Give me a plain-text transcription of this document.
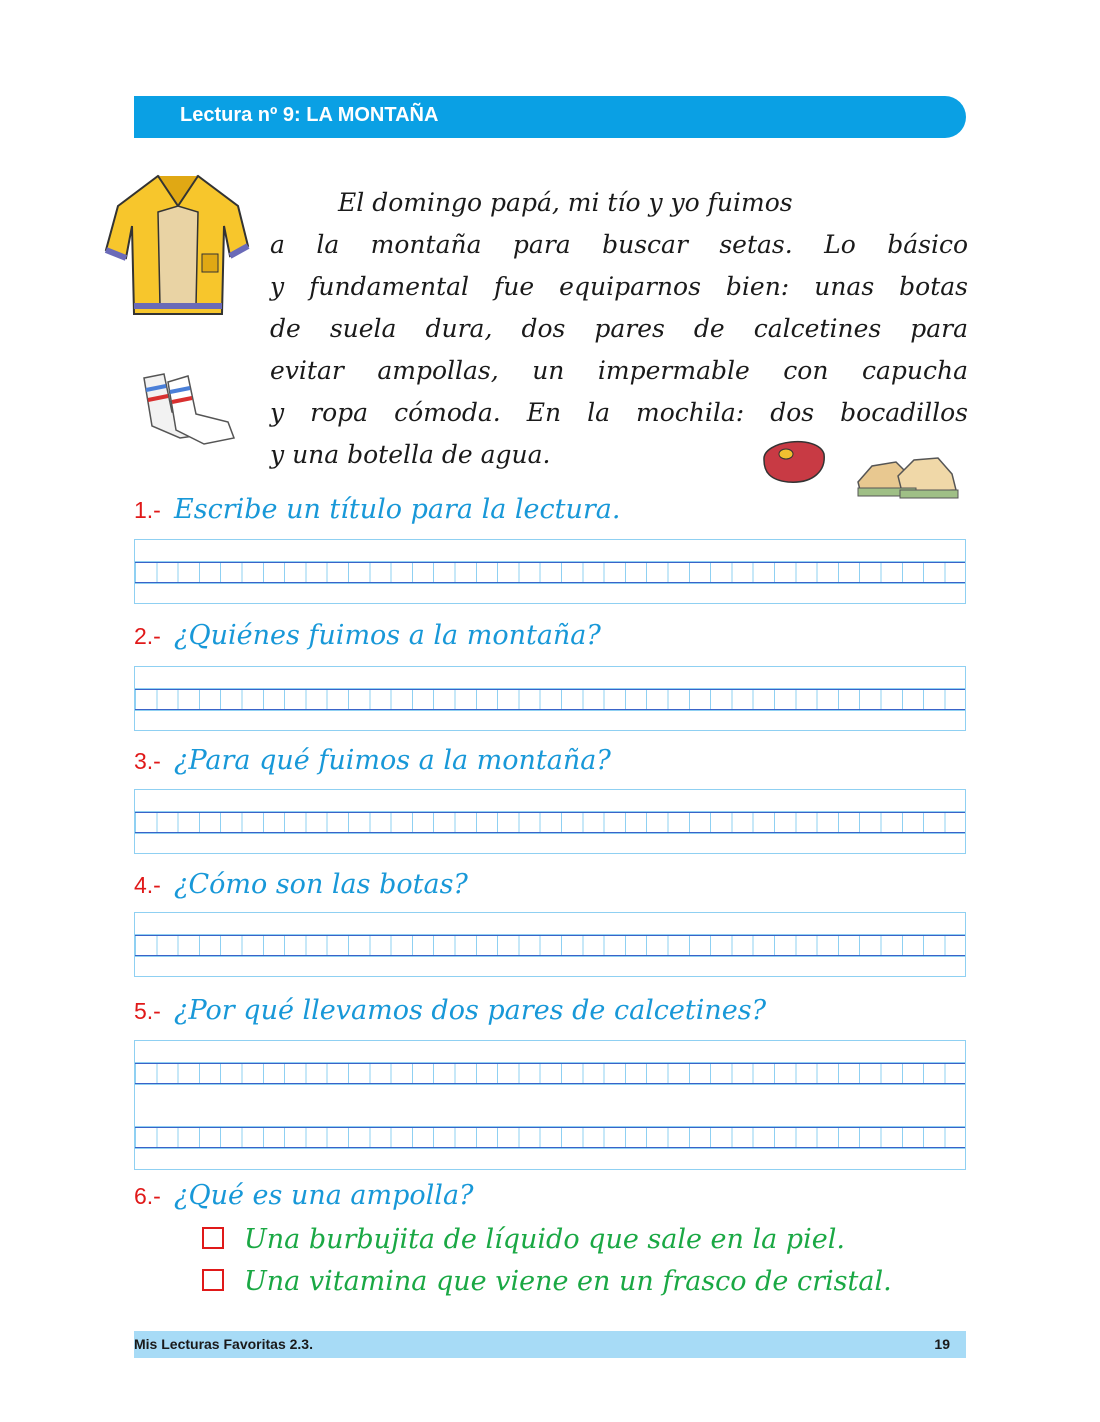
Lectura nº 9: LA MONTAÑA
El domingo papá, mi tío y yo fuimos
a la montaña para buscar setas. Lo básico
y fundamental fue equiparnos bien: unas botas
de suela dura, dos pares de calcetines para
evitar ampollas, un impermable con capucha
y ropa cómoda. En la mochila: dos bocadillos
y una botella de agua.
1.- Escribe un título para la lectura.
2.- ¿Quiénes fuimos a la montaña?
3.- ¿Para qué fuimos a la montaña?
4.- ¿Cómo son las botas?
5.- ¿Por qué llevamos dos pares de calcetines?
6.- ¿Qué es una ampolla?
Una burbujita de líquido que sale en la piel.
Una vitamina que viene en un frasco de cristal.
Mis Lecturas Favoritas 2.3.	19
